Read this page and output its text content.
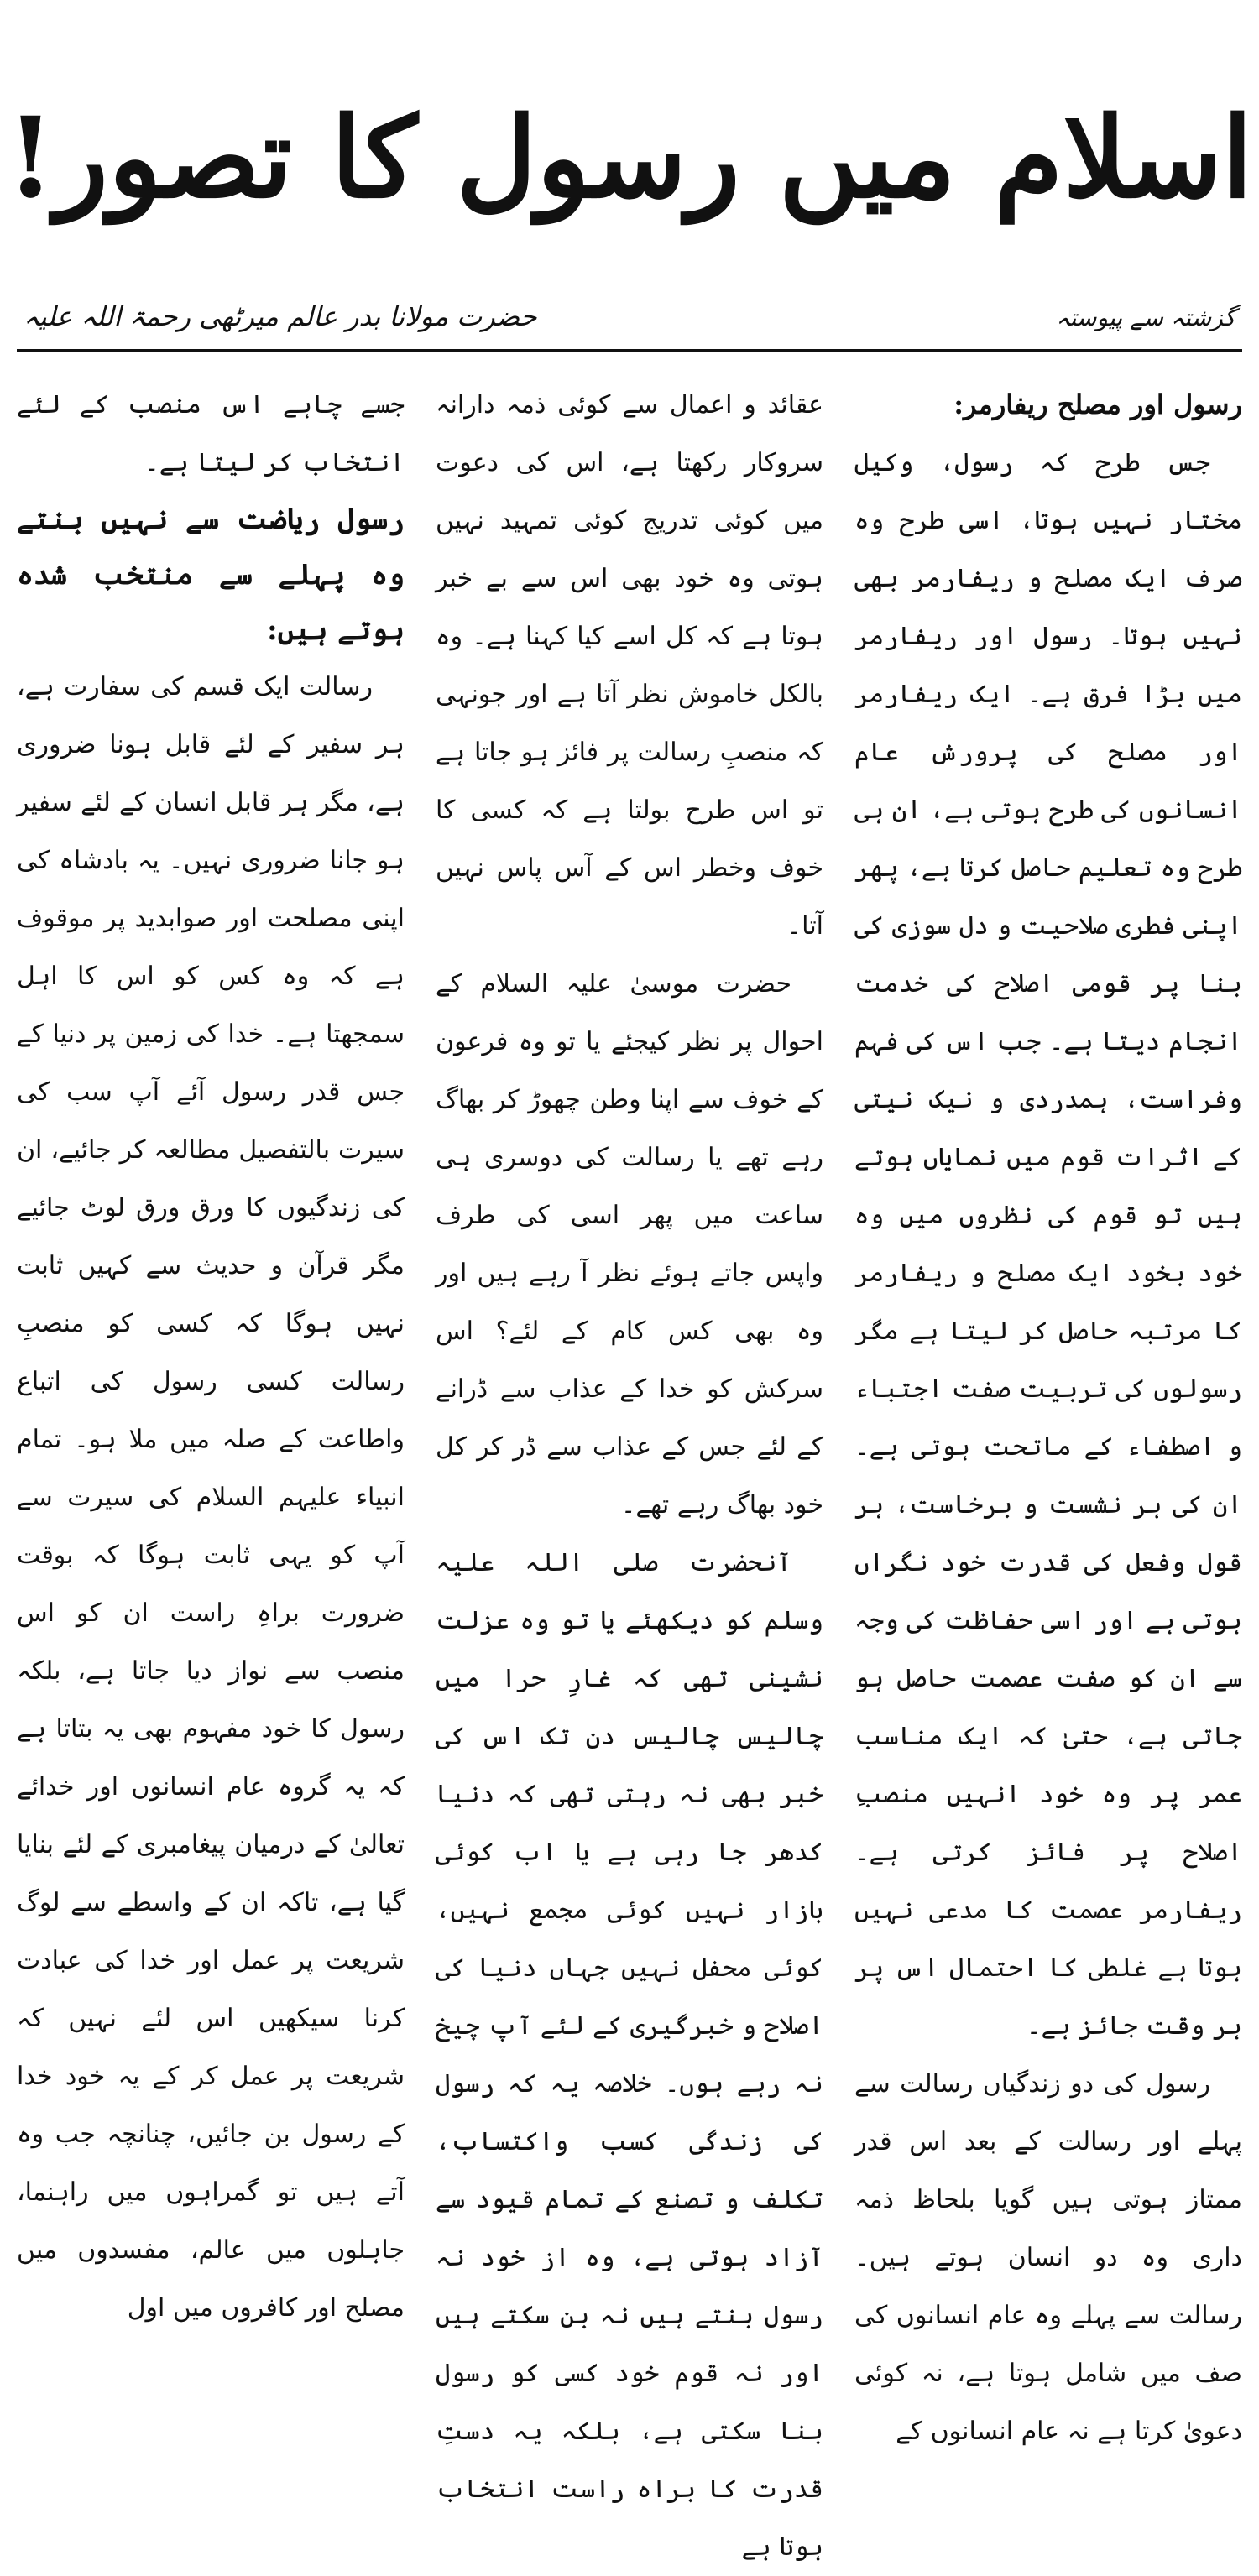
اسلام میں رسول کا تصور!
گزشتہ سے پیوستہ
حضرت مولانا بدر عالم میرٹھی رحمۃ اللہ علیہ

رسول اور مصلح ریفارمر:

جس طرح کہ رسول، وکیل مختار نہیں ہوتا، اسی طرح وہ صرف ایک مصلح و ریفارمر بھی نہیں ہوتا۔ رسول اور ریفارمر میں بڑا فرق ہے۔ ایک ریفارمر اور مصلح کی پرورش عام انسانوں کی طرح ہوتی ہے، ان ہی طرح وہ تعلیم حاصل کرتا ہے، پھر اپنی فطری صلاحیت و دل سوزی کی بنا پر قومی اصلاح کی خدمت انجام دیتا ہے۔ جب اس کی فہم وفراست، ہمدردی و نیک نیتی کے اثرات قوم میں نمایاں ہوتے ہیں تو قوم کی نظروں میں وہ خود بخود ایک مصلح و ریفارمر کا مرتبہ حاصل کر لیتا ہے مگر رسولوں کی تربیت صفت اجتباء و اصطفاء کے ماتحت ہوتی ہے۔ ان کی ہر نشست و برخاست، ہر قول وفعل کی قدرت خود نگراں ہوتی ہے اور اسی حفاظت کی وجہ سے ان کو صفت عصمت حاصل ہو جاتی ہے، حتیٰ کہ ایک مناسب عمر پر وہ خود انہیں منصبِ اصلاح پر فائز کرتی ہے۔ ریفارمر عصمت کا مدعی نہیں ہوتا ہے غلطی کا احتمال اس پر ہر وقت جائز ہے۔

رسول کی دو زندگیاں رسالت سے پہلے اور رسالت کے بعد اس قدر ممتاز ہوتی ہیں گویا بلحاظ ذمہ داری وہ دو انسان ہوتے ہیں۔ رسالت سے پہلے وہ عام انسانوں کی صف میں شامل ہوتا ہے، نہ کوئی دعویٰ کرتا ہے نہ عام انسانوں کے

عقائد و اعمال سے کوئی ذمہ دارانہ سروکار رکھتا ہے، اس کی دعوت میں کوئی تدریج کوئی تمہید نہیں ہوتی وہ خود بھی اس سے بے خبر ہوتا ہے کہ کل اسے کیا کہنا ہے۔ وہ بالکل خاموش نظر آتا ہے اور جونہی کہ منصبِ رسالت پر فائز ہو جاتا ہے تو اس طرح بولتا ہے کہ کسی کا خوف وخطر اس کے آس پاس نہیں آتا۔

حضرت موسیٰ علیہ السلام کے احوال پر نظر کیجئے یا تو وہ فرعون کے خوف سے اپنا وطن چھوڑ کر بھاگ رہے تھے یا رسالت کی دوسری ہی ساعت میں پھر اسی کی طرف واپس جاتے ہوئے نظر آ رہے ہیں اور وہ بھی کس کام کے لئے؟ اس سرکش کو خدا کے عذاب سے ڈرانے کے لئے جس کے عذاب سے ڈر کر کل خود بھاگ رہے تھے۔

آنحضرت صلی اللہ علیہ وسلم کو دیکھئے یا تو وہ عزلت نشینی تھی کہ غارِ حرا میں چالیس چالیس دن تک اس کی خبر بھی نہ رہتی تھی کہ دنیا کدھر جا رہی ہے یا اب کوئی بازار نہیں کوئی مجمع نہیں، کوئی محفل نہیں جہاں دنیا کی اصلاح و خبرگیری کے لئے آپ چیخ نہ رہے ہوں۔ خلاصہ یہ کہ رسول کی زندگی کسب واکتساب، تکلف و تصنع کے تمام قیود سے آزاد ہوتی ہے، وہ از خود نہ رسول بنتے ہیں نہ بن سکتے ہیں اور نہ قوم خود کسی کو رسول بنا سکتی ہے، بلکہ یہ دستِ قدرت کا براہ راست انتخاب ہوتا ہے

جسے چاہے اس منصب کے لئے انتخاب کر لیتا ہے۔

رسول ریاضت سے نہیں بنتے وہ پہلے سے منتخب شدہ ہوتے ہیں:

رسالت ایک قسم کی سفارت ہے، ہر سفیر کے لئے قابل ہونا ضروری ہے، مگر ہر قابل انسان کے لئے سفیر ہو جانا ضروری نہیں۔ یہ بادشاہ کی اپنی مصلحت اور صوابدید پر موقوف ہے کہ وہ کس کو اس کا اہل سمجھتا ہے۔ خدا کی زمین پر دنیا کے جس قدر رسول آئے آپ سب کی سیرت بالتفصیل مطالعہ کر جائیے، ان کی زندگیوں کا ورق ورق لوٹ جائیے مگر قرآن و حدیث سے کہیں ثابت نہیں ہوگا کہ کسی کو منصبِ رسالت کسی رسول کی اتباع واطاعت کے صلہ میں ملا ہو۔ تمام انبیاء علیہم السلام کی سیرت سے آپ کو یہی ثابت ہوگا کہ بوقت ضرورت براہِ راست ان کو اس منصب سے نواز دیا جاتا ہے، بلکہ رسول کا خود مفہوم بھی یہ بتاتا ہے کہ یہ گروہ عام انسانوں اور خدائے تعالیٰ کے درمیان پیغامبری کے لئے بنایا گیا ہے، تاکہ ان کے واسطے سے لوگ شریعت پر عمل اور خدا کی عبادت کرنا سیکھیں اس لئے نہیں کہ شریعت پر عمل کر کے یہ خود خدا کے رسول بن جائیں، چنانچہ جب وہ آتے ہیں تو گمراہوں میں راہنما، جاہلوں میں عالم، مفسدوں میں مصلح اور کافروں میں اول
